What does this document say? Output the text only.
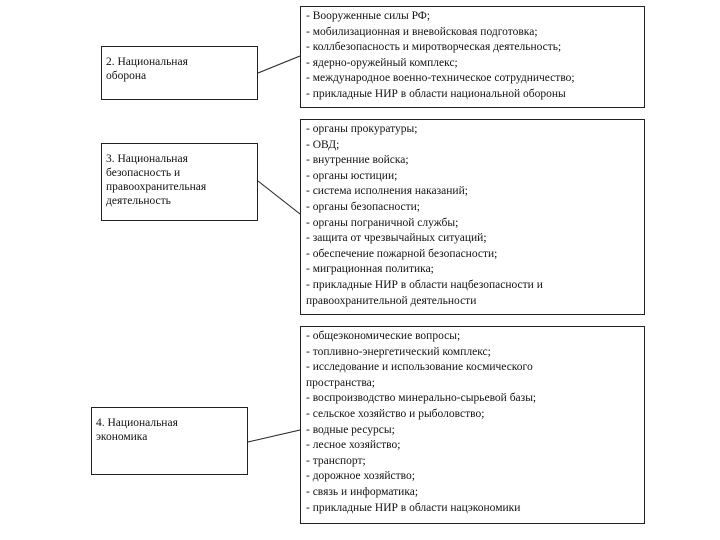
2. Национальная
оборона
- Вооруженные силы РФ;
- мобилизационная и вневойсковая подготовка;
- коллбезопасность и миротворческая деятельность;
- ядерно-оружейный комплекс;
- международное военно-техническое сотрудничество;
- прикладные НИР в области национальной обороны
3. Национальная
безопасность и
правоохранительная
деятельность
- органы прокуратуры;
- ОВД;
- внутренние войска;
- органы юстиции;
- система исполнения наказаний;
- органы безопасности;
- органы пограничной службы;
- защита от чрезвычайных ситуаций;
- обеспечение пожарной безопасности;
- миграционная политика;
- прикладные НИР в области нацбезопасности и правоохранительной деятельности
4. Национальная
экономика
- общеэкономические вопросы;
- топливно-энергетический комплекс;
- исследование и использование космического пространства;
- воспроизводство минерально-сырьевой базы;
- сельское хозяйство и рыболовство;
- водные ресурсы;
- лесное хозяйство;
- транспорт;
- дорожное хозяйство;
- связь и информатика;
- прикладные НИР в области нацэкономики
